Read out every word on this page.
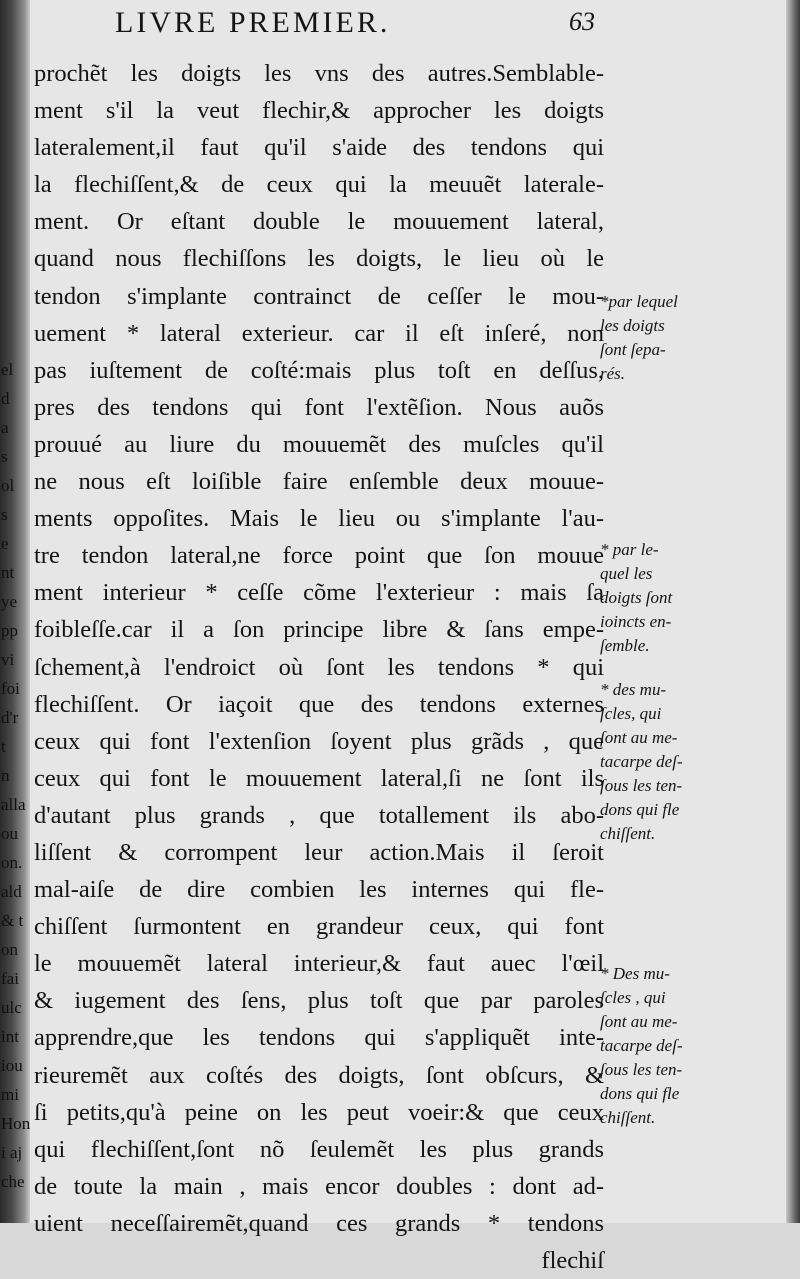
el
d
a
s
ol
s
e
nt
ye
pp
vi
foi
d'r
t
n
alla
ou
on.
ald
& t
on
fai
ulc
int
iou
mi
Hon
i aj
che

LIVRE PREMIER.	63
prochẽt les doigts les vns des autres.Semblable-
ment s'il la veut flechir,& approcher les doigts
lateralement,il faut qu'il s'aide des tendons qui
la flechiſſent,& de ceux qui la meuuẽt laterale-
ment. Or eſtant double le mouuement lateral,
quand nous flechiſſons les doigts, le lieu où le
tendon s'implante contrainct de ceſſer le mou-
uement * lateral exterieur. car il eſt inſeré, non
pas iuſtement de coſté:mais plus toſt en deſſus,
pres des tendons qui font l'extẽſion. Nous auõs
prouué au liure du mouuemẽt des muſcles qu'il
ne nous eſt loiſible faire enſemble deux mouue-
ments oppoſites. Mais le lieu ou s'implante l'au-
tre tendon lateral,ne force point que ſon mouue
ment interieur * ceſſe cõme l'exterieur : mais ſa
foibleſſe.car il a ſon principe libre & ſans empe-
ſchement,à l'endroict où ſont les tendons * qui
flechiſſent. Or iaçoit que des tendons externes
ceux qui font l'extenſion ſoyent plus grãds , que
ceux qui font le mouuement lateral,ſi ne ſont ils
d'autant plus grands , que totallement ils abo-
liſſent & corrompent leur action.Mais il ſeroit
mal-aiſe de dire combien les internes qui fle-
chiſſent ſurmontent en grandeur ceux, qui font
le mouuemẽt lateral interieur,& faut auec l'œil
& iugement des ſens, plus toſt que par paroles
apprendre,que les tendons qui s'appliquẽt inte-
rieuremẽt aux coſtés des doigts, ſont obſcurs, &
ſi petits,qu'à peine on les peut voeir:& que ceux
qui flechiſſent,ſont nõ ſeulemẽt les plus grands
de toute la main , mais encor doubles : dont ad-
uient neceſſairemẽt,quand ces grands * tendons
flechiſ
*par lequel
les doigts
ſont ſepa-
rés.
* par le-
quel les
doigts ſont
ioincts en-
ſemble.
* des mu-
ſcles, qui
ſont au me-
tacarpe deſ-
ſous les ten-
dons qui fle
chiſſent.
* Des mu-
ſcles , qui
ſont au me-
tacarpe deſ-
ſous les ten-
dons qui fle
chiſſent.
